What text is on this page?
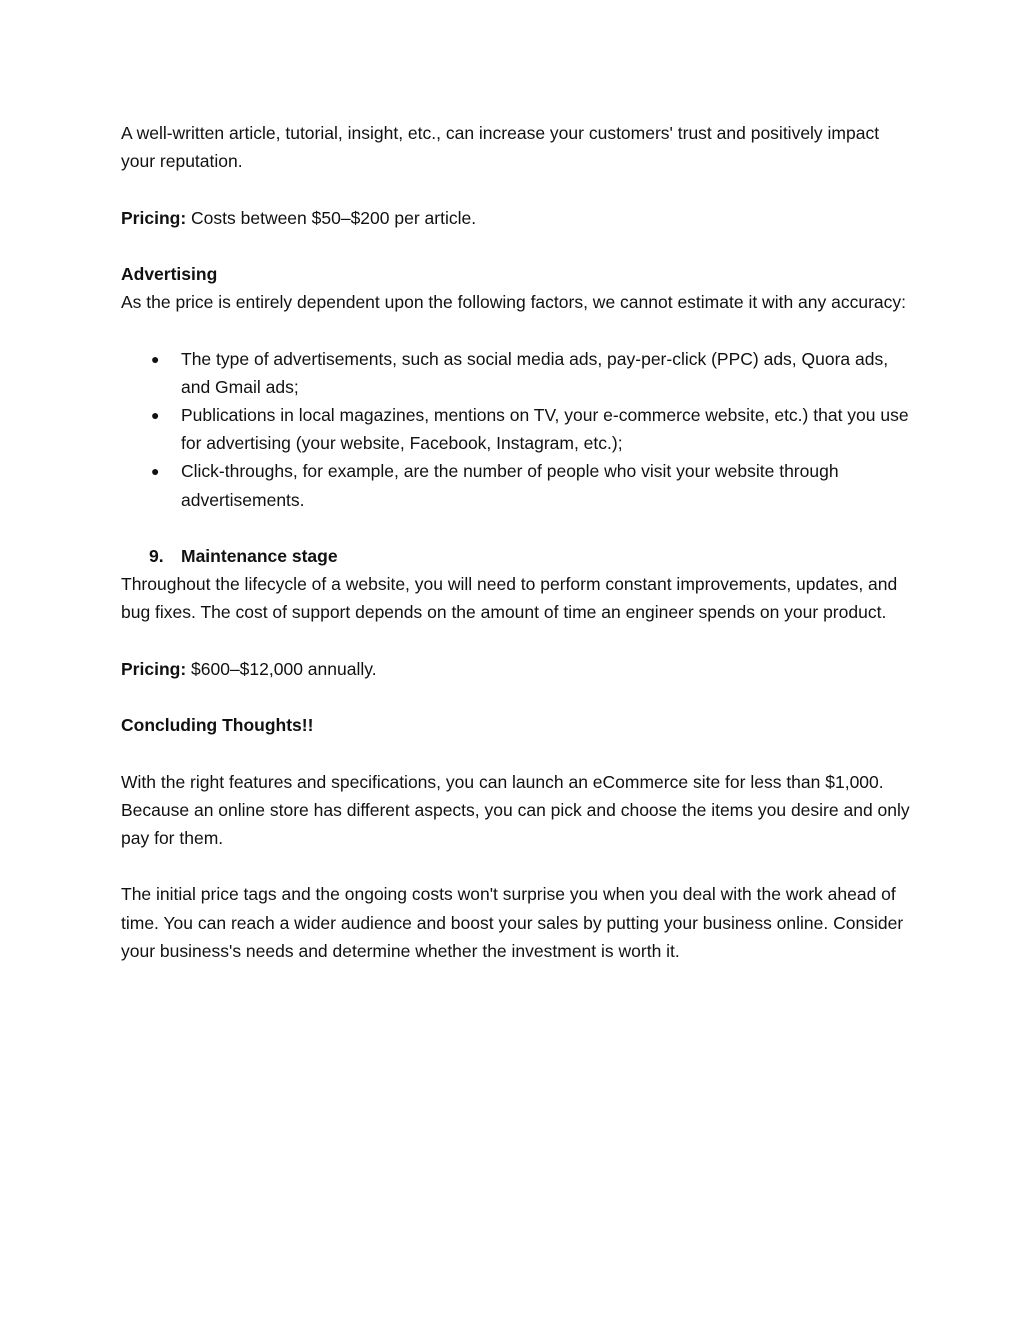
A well-written article, tutorial, insight, etc., can increase your customers' trust and positively impact your reputation.

Pricing: Costs between $50–$200 per article.

Advertising

As the price is entirely dependent upon the following factors, we cannot estimate it with any accuracy:

● The type of advertisements, such as social media ads, pay-per-click (PPC) ads, Quora ads, and Gmail ads;
● Publications in local magazines, mentions on TV, your e-commerce website, etc.) that you use for advertising (your website, Facebook, Instagram, etc.);
● Click-throughs, for example, are the number of people who visit your website through advertisements.

9. Maintenance stage

Throughout the lifecycle of a website, you will need to perform constant improvements, updates, and bug fixes. The cost of support depends on the amount of time an engineer spends on your product.

Pricing: $600–$12,000 annually.

Concluding Thoughts!!

With the right features and specifications, you can launch an eCommerce site for less than $1,000. Because an online store has different aspects, you can pick and choose the items you desire and only pay for them.

The initial price tags and the ongoing costs won't surprise you when you deal with the work ahead of time. You can reach a wider audience and boost your sales by putting your business online. Consider your business's needs and determine whether the investment is worth it.
